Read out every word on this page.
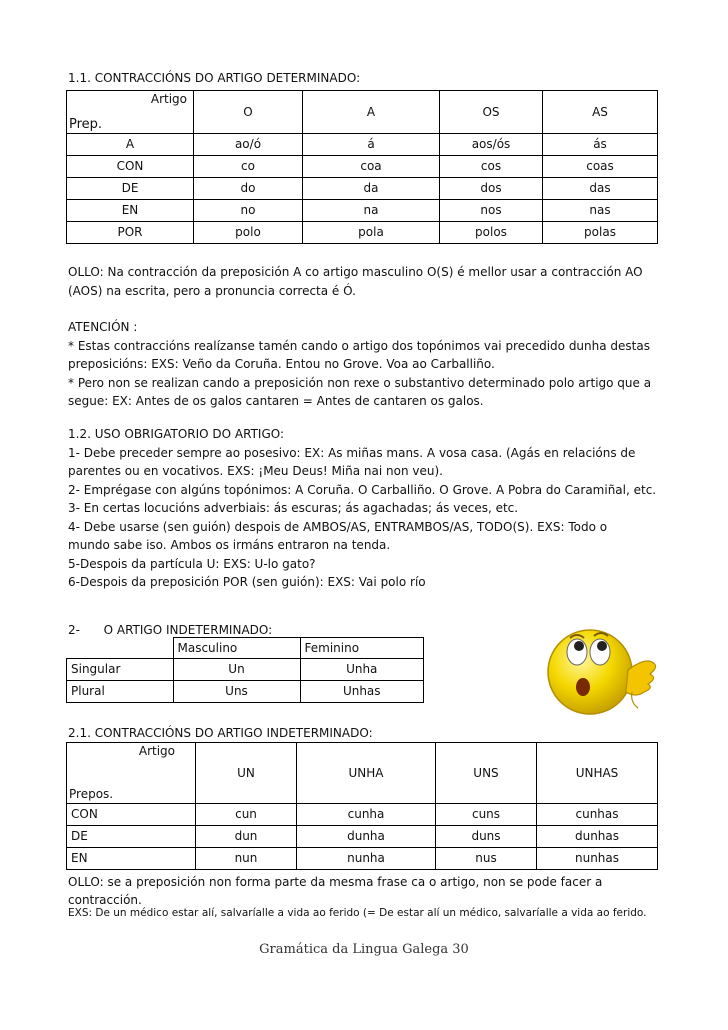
1.1. CONTRACCIÓNS DO ARTIGO DETERMINADO:
Artigo
Prep.	O	A	OS	AS
A	ao/ó	á	aos/ós	ás
CON	co	coa	cos	coas
DE	do	da	dos	das
EN	no	na	nos	nas
POR	polo	pola	polos	polas

OLLO: Na contracción da preposición A co artigo masculino O(S) é mellor usar a contracción AO
(AOS) na escrita, pero a pronuncia correcta é Ó.

ATENCIÓN :
* Estas contraccións realízanse tamén cando o artigo dos topónimos vai precedido dunha destas
preposicións: EXS: Veño da Coruña. Entou no Grove. Voa ao Carballiño.
* Pero non se realizan cando a preposición non rexe o substantivo determinado polo artigo que a
segue: EX: Antes de os galos cantaren = Antes de cantaren os galos.

1.2. USO OBRIGATORIO DO ARTIGO:
1- Debe preceder sempre ao posesivo: EX: As miñas mans. A vosa casa. (Agás en relacións de
parentes ou en vocativos. EXS: ¡Meu Deus! Miña nai non veu).
2- Emprégase con algúns topónimos: A Coruña. O Carballiño. O Grove. A Pobra do Caramiñal, etc.
3- En certas locucións adverbiais: ás escuras; ás agachadas; ás veces, etc.
4- Debe usarse (sen guión) despois de AMBOS/AS, ENTRAMBOS/AS, TODO(S). EXS: Todo o
mundo sabe iso. Ambos os irmáns entraron na tenda.
5-Despois da partícula U: EXS: U-lo gato?
6-Despois da preposición POR (sen guión): EXS: Vai polo río

2- O ARTIGO INDETERMINADO:
	Masculino	Feminino
Singular	Un	Unha
Plural	Uns	Unhas
2.1. CONTRACCIÓNS DO ARTIGO INDETERMINADO:
Artigo
Prepos.	UN	UNHA	UNS	UNHAS
CON	cun	cunha	cuns	cunhas
DE	dun	dunha	duns	dunhas
EN	nun	nunha	nus	nunhas

OLLO: se a preposición non forma parte da mesma frase ca o artigo, non se pode facer a
contracción.

EXS: De un médico estar alí, salvaríalle a vida ao ferido (= De estar alí un médico, salvaríalle a vida ao ferido.
Gramática da Lingua Galega 30
